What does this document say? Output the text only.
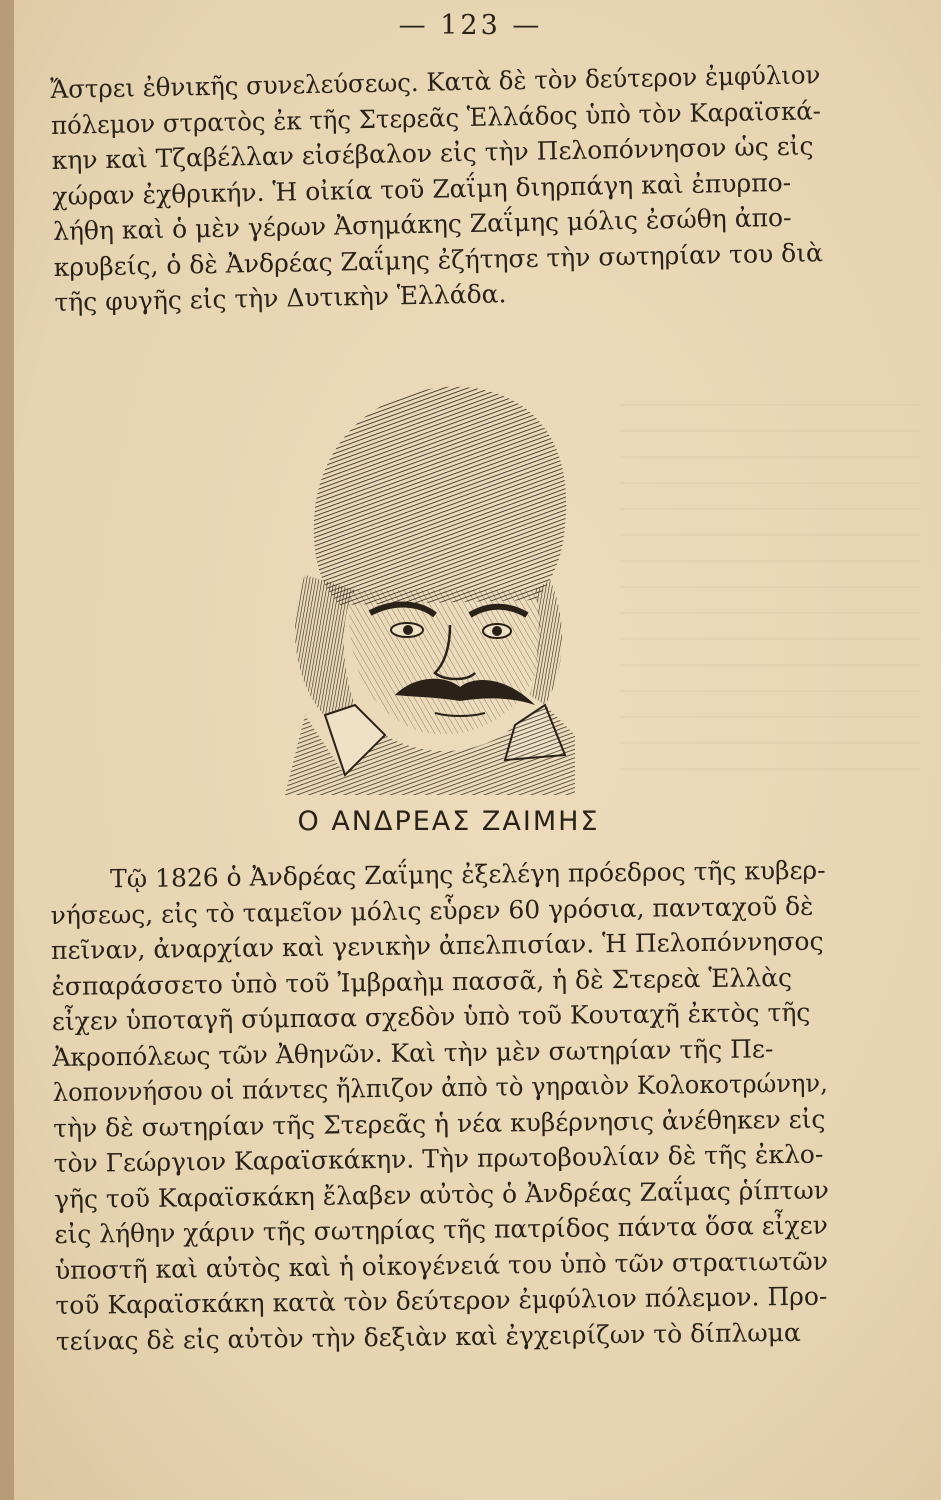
— 123 —

Ἄστρει ἐθνικῆς συνελεύσεως. Κατὰ δὲ τὸν δεύτερον ἐμφύλιον
πόλεμον στρατὸς ἐκ τῆς Στερεᾶς Ἑλλάδος ὑπὸ τὸν Καραϊσκά-
κην καὶ Τζαβέλλαν εἰσέβαλον εἰς τὴν Πελοπόννησον ὡς εἰς
χώραν ἐχθρικήν. Ἡ οἰκία τοῦ Ζαΐμη διηρπάγη καὶ ἐπυρπο-
λήθη καὶ ὁ μὲν γέρων Ἀσημάκης Ζαΐμης μόλις ἐσώθη ἀπο-
κρυβείς, ὁ δὲ Ἀνδρέας Ζαΐμης ἐζήτησε τὴν σωτηρίαν του διὰ
τῆς φυγῆς εἰς τὴν Δυτικὴν Ἑλλάδα.

Ο ΑΝΔΡΕΑΣ ΖΑΙΜΗΣ

Τῷ 1826 ὁ Ἀνδρέας Ζαΐμης ἐξελέγη πρόεδρος τῆς κυβερ-
νήσεως, εἰς τὸ ταμεῖον μόλις εὗρεν 60 γρόσια, πανταχοῦ δὲ
πεῖναν, ἀναρχίαν καὶ γενικὴν ἀπελπισίαν. Ἡ Πελοπόννησος
ἐσπαράσσετο ὑπὸ τοῦ Ἰμβραὴμ πασσᾶ, ἡ δὲ Στερεὰ Ἑλλὰς
εἶχεν ὑποταγῆ σύμπασα σχεδὸν ὑπὸ τοῦ Κουταχῆ ἐκτὸς τῆς
Ἀκροπόλεως τῶν Ἀθηνῶν. Καὶ τὴν μὲν σωτηρίαν τῆς Πε-
λοποννήσου οἱ πάντες ἤλπιζον ἀπὸ τὸ γηραιὸν Κολοκοτρώνην,
τὴν δὲ σωτηρίαν τῆς Στερεᾶς ἡ νέα κυβέρνησις ἀνέθηκεν εἰς
τὸν Γεώργιον Καραϊσκάκην. Τὴν πρωτοβουλίαν δὲ τῆς ἐκλο-
γῆς τοῦ Καραϊσκάκη ἔλαβεν αὐτὸς ὁ Ἀνδρέας Ζαΐμας ῥίπτων
εἰς λήθην χάριν τῆς σωτηρίας τῆς πατρίδος πάντα ὅσα εἶχεν
ὑποστῆ καὶ αὐτὸς καὶ ἡ οἰκογένειά του ὑπὸ τῶν στρατιωτῶν
τοῦ Καραϊσκάκη κατὰ τὸν δεύτερον ἐμφύλιον πόλεμον. Προ-
τείνας δὲ εἰς αὐτὸν τὴν δεξιὰν καὶ ἐγχειρίζων τὸ δίπλωμα
